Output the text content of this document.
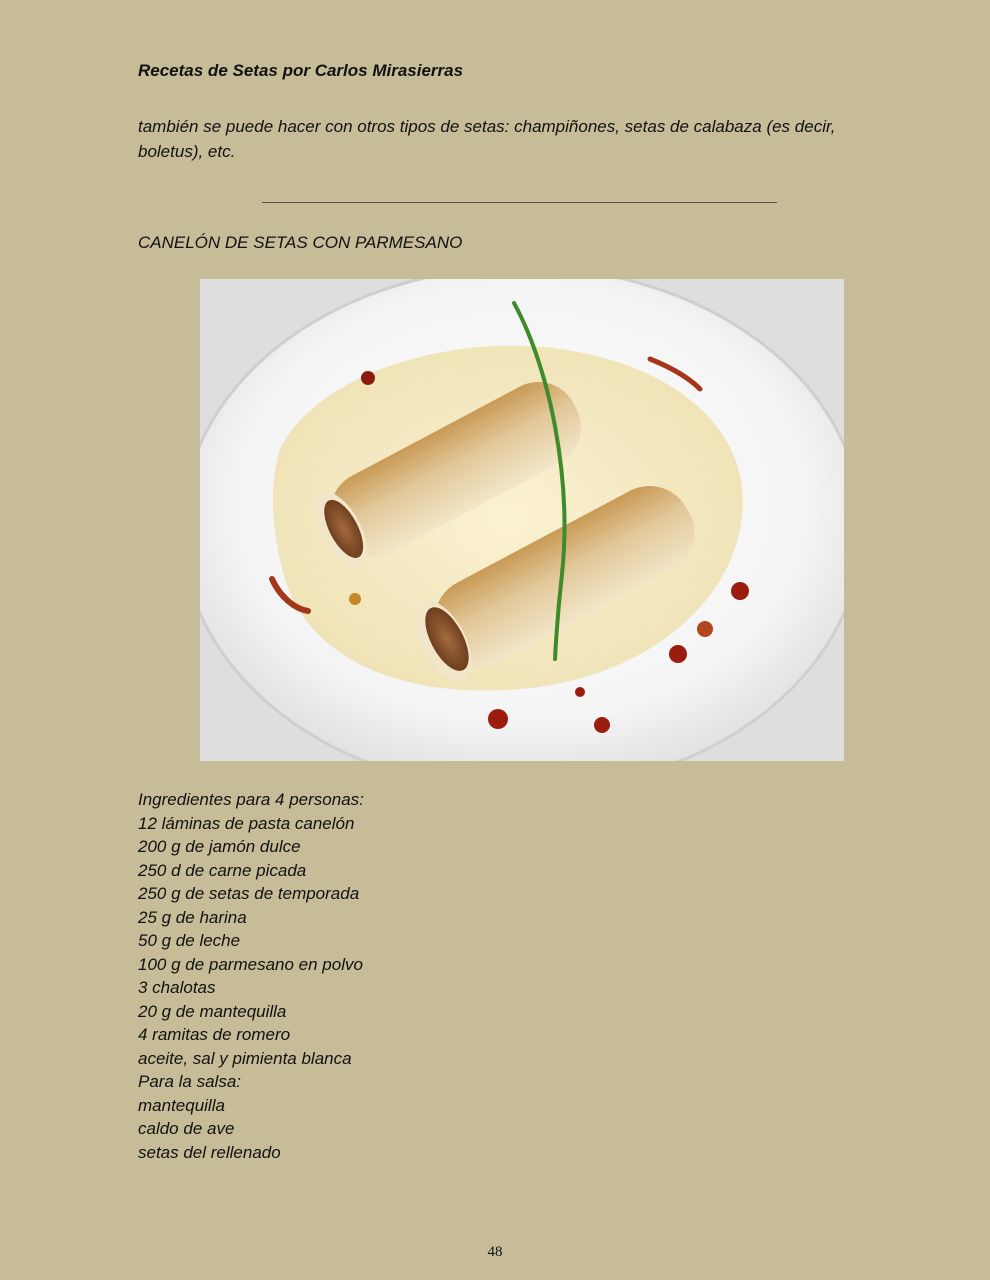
Recetas de Setas por Carlos Mirasierras

también se puede hacer con otros tipos de setas: champiñones, setas de calabaza (es decir, boletus), etc.

CANELÓN DE SETAS CON PARMESANO
Ingredientes para 4 personas:
12 láminas de pasta canelón
200 g de jamón dulce
250 d de carne picada
250 g de setas de temporada
25 g de harina
50 g de leche
100 g de parmesano en polvo
3 chalotas
20 g de mantequilla
4 ramitas de romero
aceite, sal y pimienta blanca
Para la salsa:
mantequilla
caldo de ave
setas del rellenado
48
